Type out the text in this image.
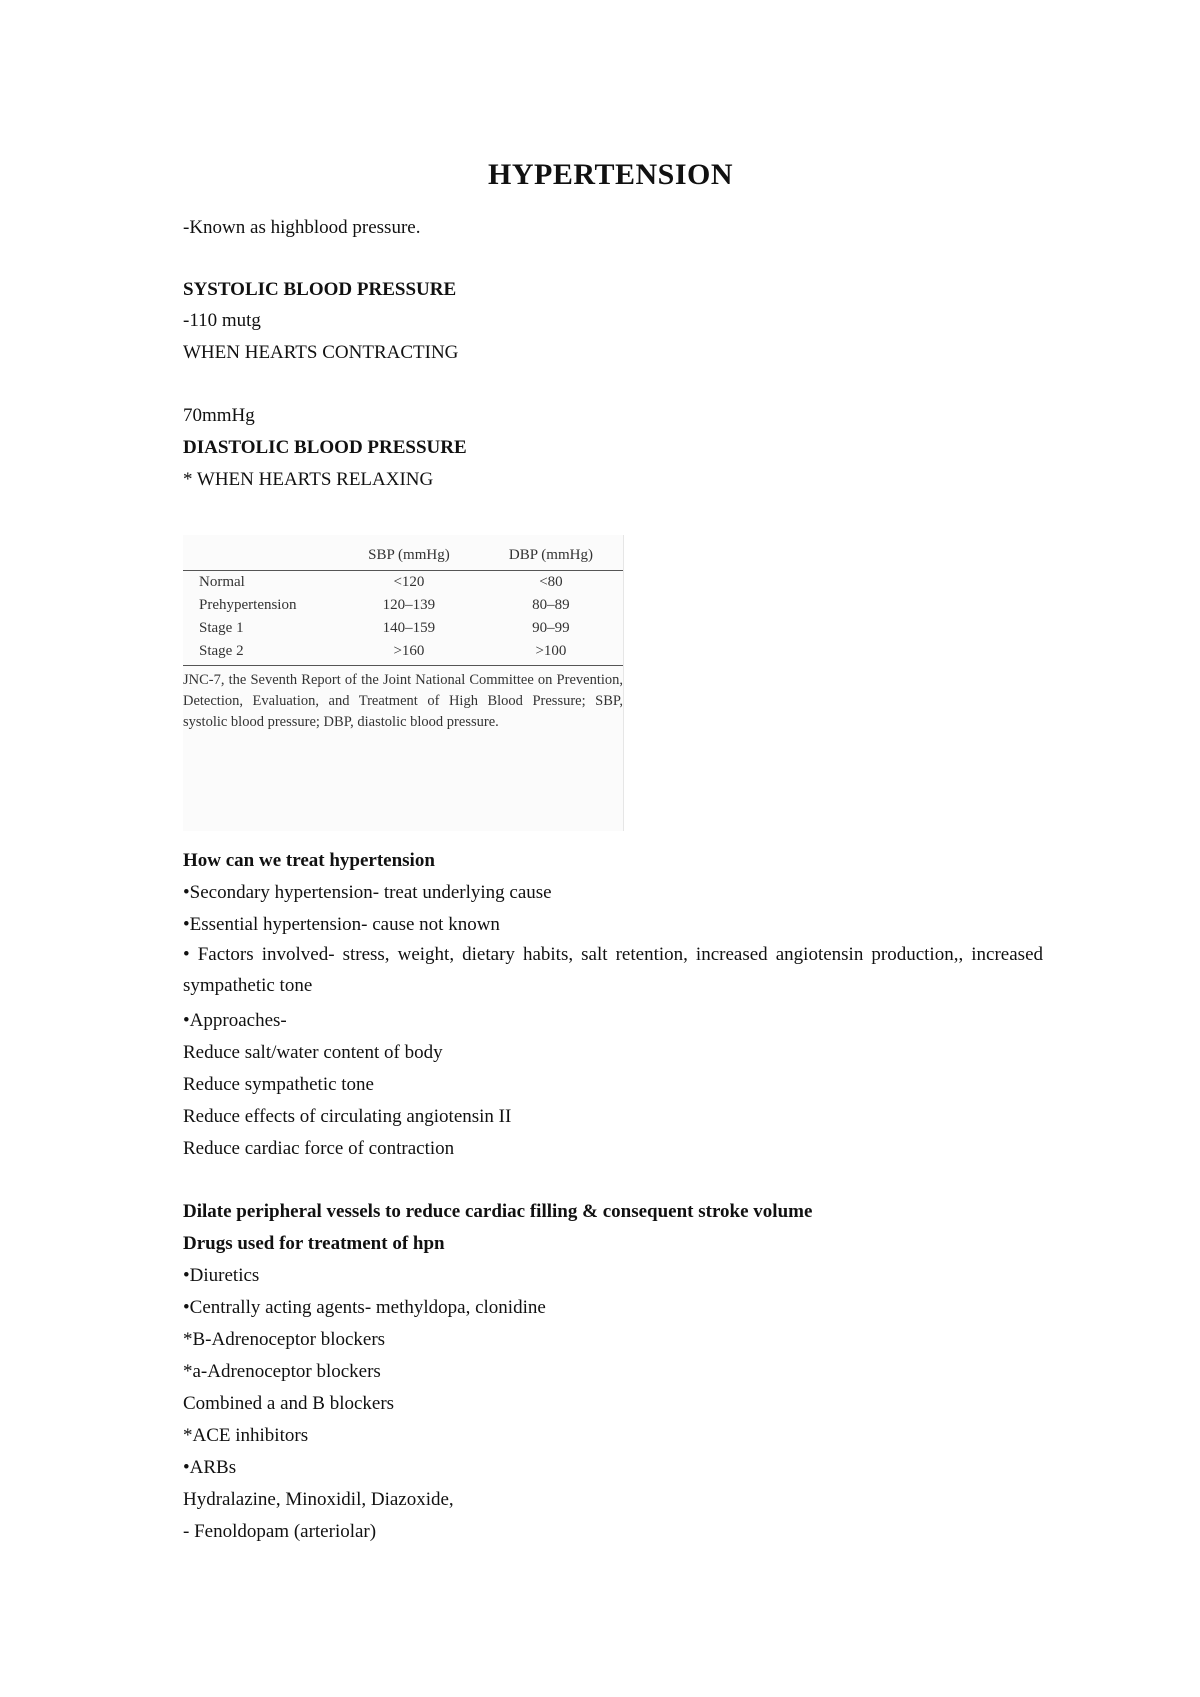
HYPERTENSION
-Known as highblood pressure.
SYSTOLIC BLOOD PRESSURE
-110 mutg
WHEN HEARTS CONTRACTING
70mmHg
DIASTOLIC BLOOD PRESSURE
* WHEN HEARTS RELAXING
How can we treat hypertension
•Secondary hypertension- treat underlying cause
•Essential hypertension- cause not known
• Factors involved- stress, weight, dietary habits, salt retention, increased angiotensin production,, increased sympathetic tone
•Approaches-
Reduce salt/water content of body
Reduce sympathetic tone
Reduce effects of circulating angiotensin II
Reduce cardiac force of contraction
Dilate peripheral vessels to reduce cardiac filling & consequent stroke volume
Drugs used for treatment of hpn
•Diuretics
•Centrally acting agents- methyldopa, clonidine
*B-Adrenoceptor blockers
*a-Adrenoceptor blockers
Combined a and B blockers
*ACE inhibitors
•ARBs
Hydralazine, Minoxidil, Diazoxide,
- Fenoldopam (arteriolar)
	SBP (mmHg)	DBP (mmHg)
Normal	<120	<80
Prehypertension	120–139	80–89
Stage 1	140–159	90–99
Stage 2	>160	>100
JNC-7, the Seventh Report of the Joint National Committee on Prevention, Detection, Evaluation, and Treatment of High Blood Pressure; SBP, systolic blood pressure; DBP, diastolic blood pressure.
